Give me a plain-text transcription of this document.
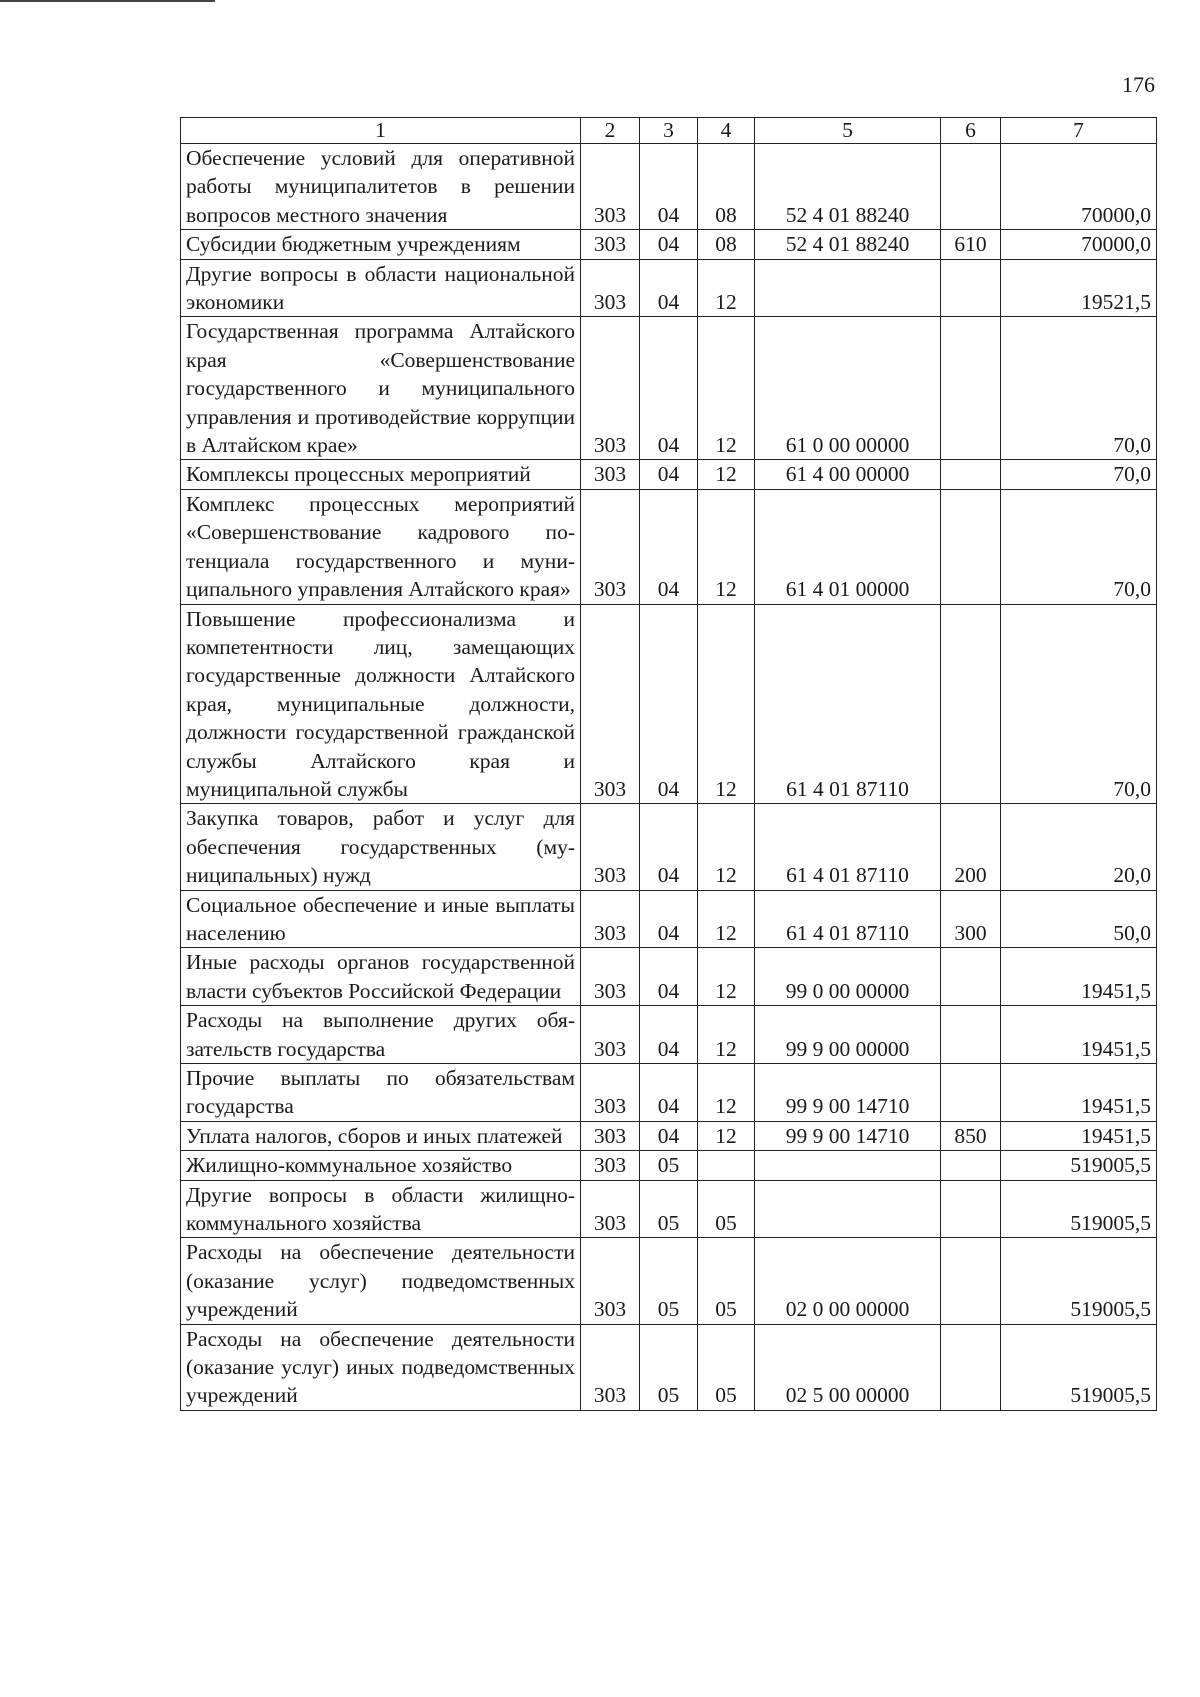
176
1	2	3	4	5	6	7
Обеспечение условий для оперативной работы муниципалитетов в решении вопросов местного значения	303	04	08	52 4 01 88240		70000,0
Субсидии бюджетным учреждениям	303	04	08	52 4 01 88240	610	70000,0
Другие вопросы в области национальной экономики	303	04	12			19521,5
Государственная программа Алтайского края «Совершенствование государственного и муниципального управления и противодействие коррупции в Алтайском крае»	303	04	12	61 0 00 00000		70,0
Комплексы процессных мероприятий	303	04	12	61 4 00 00000		70,0
Комплекс процессных мероприятий «Совершенствование кадрового потенциала государственного и муниципального управления Алтайского края»	303	04	12	61 4 01 00000		70,0
Повышение профессионализма и компетентности лиц, замещающих государственные должности Алтайского края, муниципальные должности, должности государственной гражданской службы Алтайского края и муниципальной службы	303	04	12	61 4 01 87110		70,0
Закупка товаров, работ и услуг для обеспечения государственных (муниципальных) нужд	303	04	12	61 4 01 87110	200	20,0
Социальное обеспечение и иные выплаты населению	303	04	12	61 4 01 87110	300	50,0
Иные расходы органов государственной власти субъектов Российской Федерации	303	04	12	99 0 00 00000		19451,5
Расходы на выполнение других обязательств государства	303	04	12	99 9 00 00000		19451,5
Прочие выплаты по обязательствам государства	303	04	12	99 9 00 14710		19451,5
Уплата налогов, сборов и иных платежей	303	04	12	99 9 00 14710	850	19451,5
Жилищно-коммунальное хозяйство	303	05				519005,5
Другие вопросы в области жилищно-коммунального хозяйства	303	05	05			519005,5
Расходы на обеспечение деятельности (оказание услуг) подведомственных учреждений	303	05	05	02 0 00 00000		519005,5
Расходы на обеспечение деятельности (оказание услуг) иных подведомственных учреждений	303	05	05	02 5 00 00000		519005,5
